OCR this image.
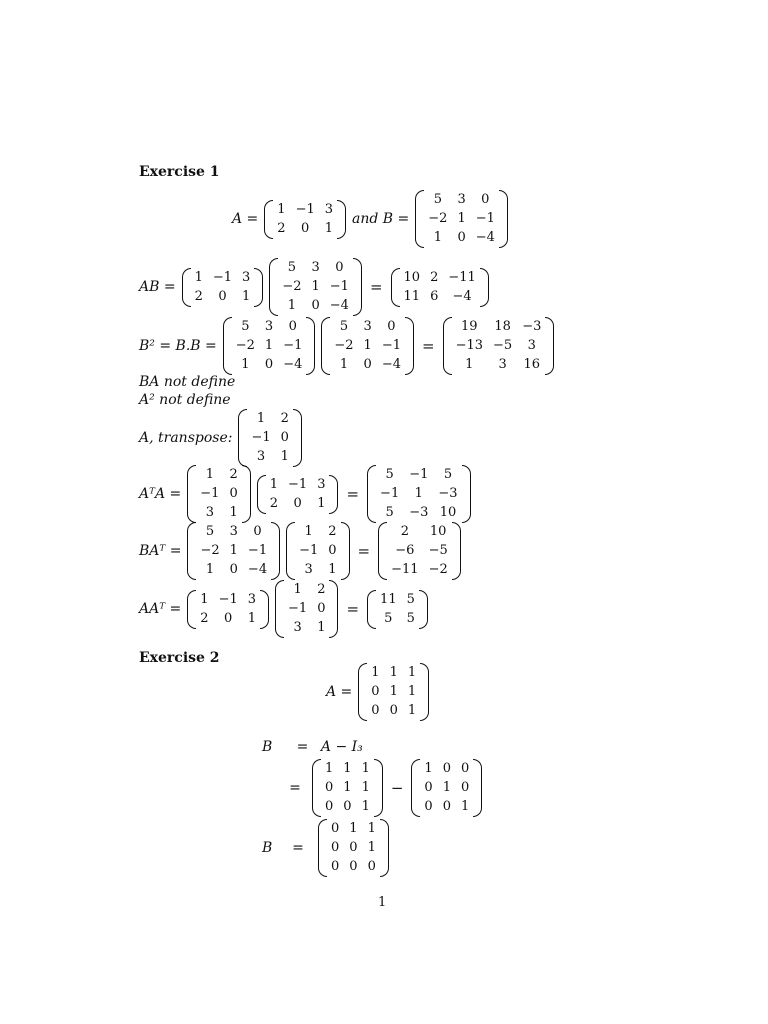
Exercise 1
A =
1 −1 3
2	0	1
and B =
5	3	0
−2 1 −1
1	0 −4
AB =
1 −1 3
2	0	1
5	3	0
−2 1 −1
1	0 −4
=
10 2 −11
11 6	−4
B² = B.B =
5	3	0
−2 1 −1
1	0 −4
5	3	0
−2 1 −1
1	0 −4
=
19	18 −3
−13 −5	3
1	3	16
BA not define
A² not define
A, transpose:
1	2
−1 0
3	1
AᵀA =
1	2
−1 0
3	1
1 −1 3
2	0	1 =
5	−1	5
−1	1	−3
5	−3 10
BAᵀ =
5	3	0
−2 1 −1
1	0 −4
1	2
−1 0
3	1
=
2	10
−6	−5
−11 −2
AAᵀ =
1 −1 3
2	0	1
1	2
−1 0
3	1
=
11 5
5	5
Exercise 2
A =
1 1 1
0 1 1
0 0 1
B = A − I₃
=
1 1 1
0 1 1
0 0 1
−
1 0 0
0 1 0
0 0 1
B	=
0 1 1
0 0 1
0 0 0
1
